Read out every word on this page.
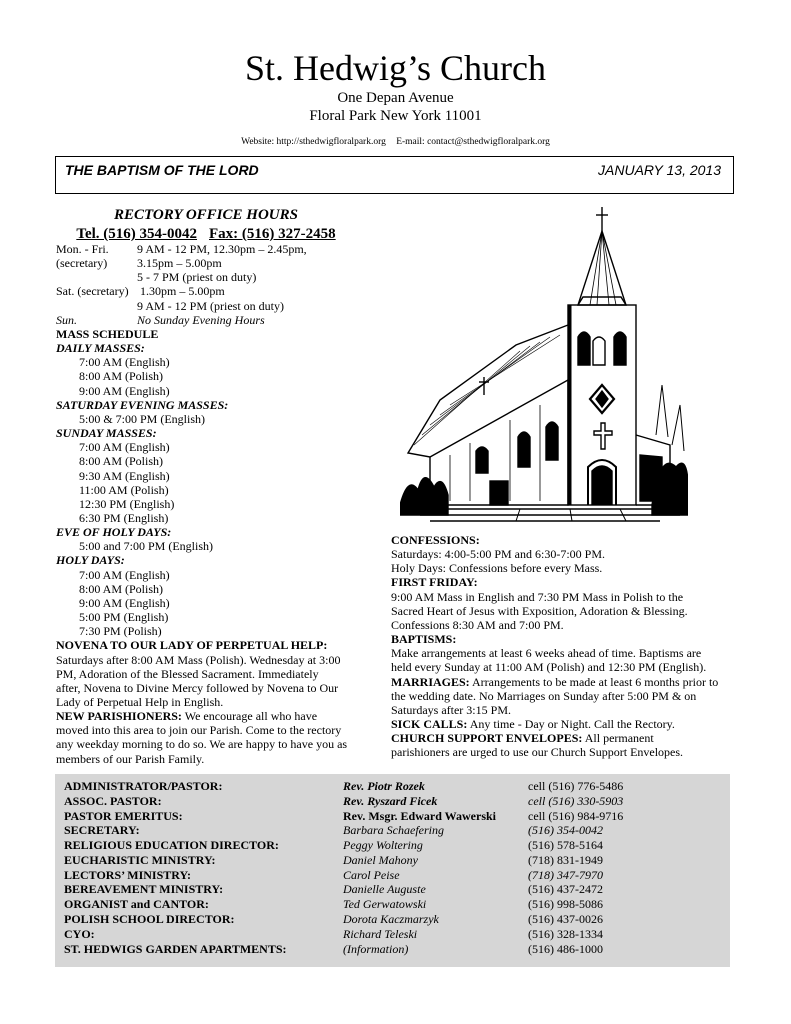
St. Hedwig’s Church
One Depan Avenue
Floral Park New York 11001
Website: http://sthedwigfloralpark.org E-mail: contact@sthedwigfloralpark.org
THE BAPTISM OF THE LORD	JANUARY 13, 2013
RECTORY OFFICE HOURS
Tel. (516) 354-0042 Fax: (516) 327-2458
Mon. - Fri.	9 AM - 12 PM, 12.30pm – 2.45pm,
(secretary)	3.15pm – 5.00pm
5 - 7 PM (priest on duty)
Sat. (secretary) 1.30pm – 5.00pm
9 AM - 12 PM (priest on duty)
Sun.	No Sunday Evening Hours
MASS SCHEDULE
DAILY MASSES:
7:00 AM (English)
8:00 AM (Polish)
9:00 AM (English)
SATURDAY EVENING MASSES:
5:00 & 7:00 PM (English)
SUNDAY MASSES:
7:00 AM (English)
8:00 AM (Polish)
9:30 AM (English)
11:00 AM (Polish)
12:30 PM (English)
6:30 PM (English)
EVE OF HOLY DAYS:
5:00 and 7:00 PM (English)
HOLY DAYS:
7:00 AM (English)
8:00 AM (Polish)
9:00 AM (English)
5:00 PM (English)
7:30 PM (Polish)
NOVENA TO OUR LADY OF PERPETUAL HELP:
Saturdays after 8:00 AM Mass (Polish). Wednesday at 3:00
PM, Adoration of the Blessed Sacrament. Immediately
after, Novena to Divine Mercy followed by Novena to Our
Lady of Perpetual Help in English.
NEW PARISHIONERS: We encourage all who have
moved into this area to join our Parish. Come to the rectory
any weekday morning to do so. We are happy to have you as
members of our Parish Family.
CONFESSIONS:
Saturdays: 4:00-5:00 PM and 6:30-7:00 PM.
Holy Days: Confessions before every Mass.
FIRST FRIDAY:
9:00 AM Mass in English and 7:30 PM Mass in Polish to the
Sacred Heart of Jesus with Exposition, Adoration & Blessing.
Confessions 8:30 AM and 7:00 PM.
BAPTISMS:
Make arrangements at least 6 weeks ahead of time. Baptisms are
held every Sunday at 11:00 AM (Polish) and 12:30 PM (English).
MARRIAGES: Arrangements to be made at least 6 months prior to
the wedding date. No Marriages on Sunday after 5:00 PM & on
Saturdays after 3:15 PM.
SICK CALLS: Any time - Day or Night. Call the Rectory.
CHURCH SUPPORT ENVELOPES: All permanent
parishioners are urged to use our Church Support Envelopes.
ADMINISTRATOR/PASTOR:	Rev. Piotr Rozek	cell (516) 776-5486
ASSOC. PASTOR:	Rev. Ryszard Ficek	cell (516) 330-5903
PASTOR EMERITUS:	Rev. Msgr. Edward Wawerski	cell (516) 984-9716
SECRETARY:	Barbara Schaefering	(516) 354-0042
RELIGIOUS EDUCATION DIRECTOR:	Peggy Woltering	(516) 578-5164
EUCHARISTIC MINISTRY:	Daniel Mahony	(718) 831-1949
LECTORS’ MINISTRY:	Carol Peise	(718) 347-7970
BEREAVEMENT MINISTRY:	Danielle Auguste	(516) 437-2472
ORGANIST and CANTOR:	Ted Gerwatowski	(516) 998-5086
POLISH SCHOOL DIRECTOR:	Dorota Kaczmarzyk	(516) 437-0026
CYO:	Richard Teleski	(516) 328-1334
ST. HEDWIGS GARDEN APARTMENTS:	(Information)	(516) 486-1000
